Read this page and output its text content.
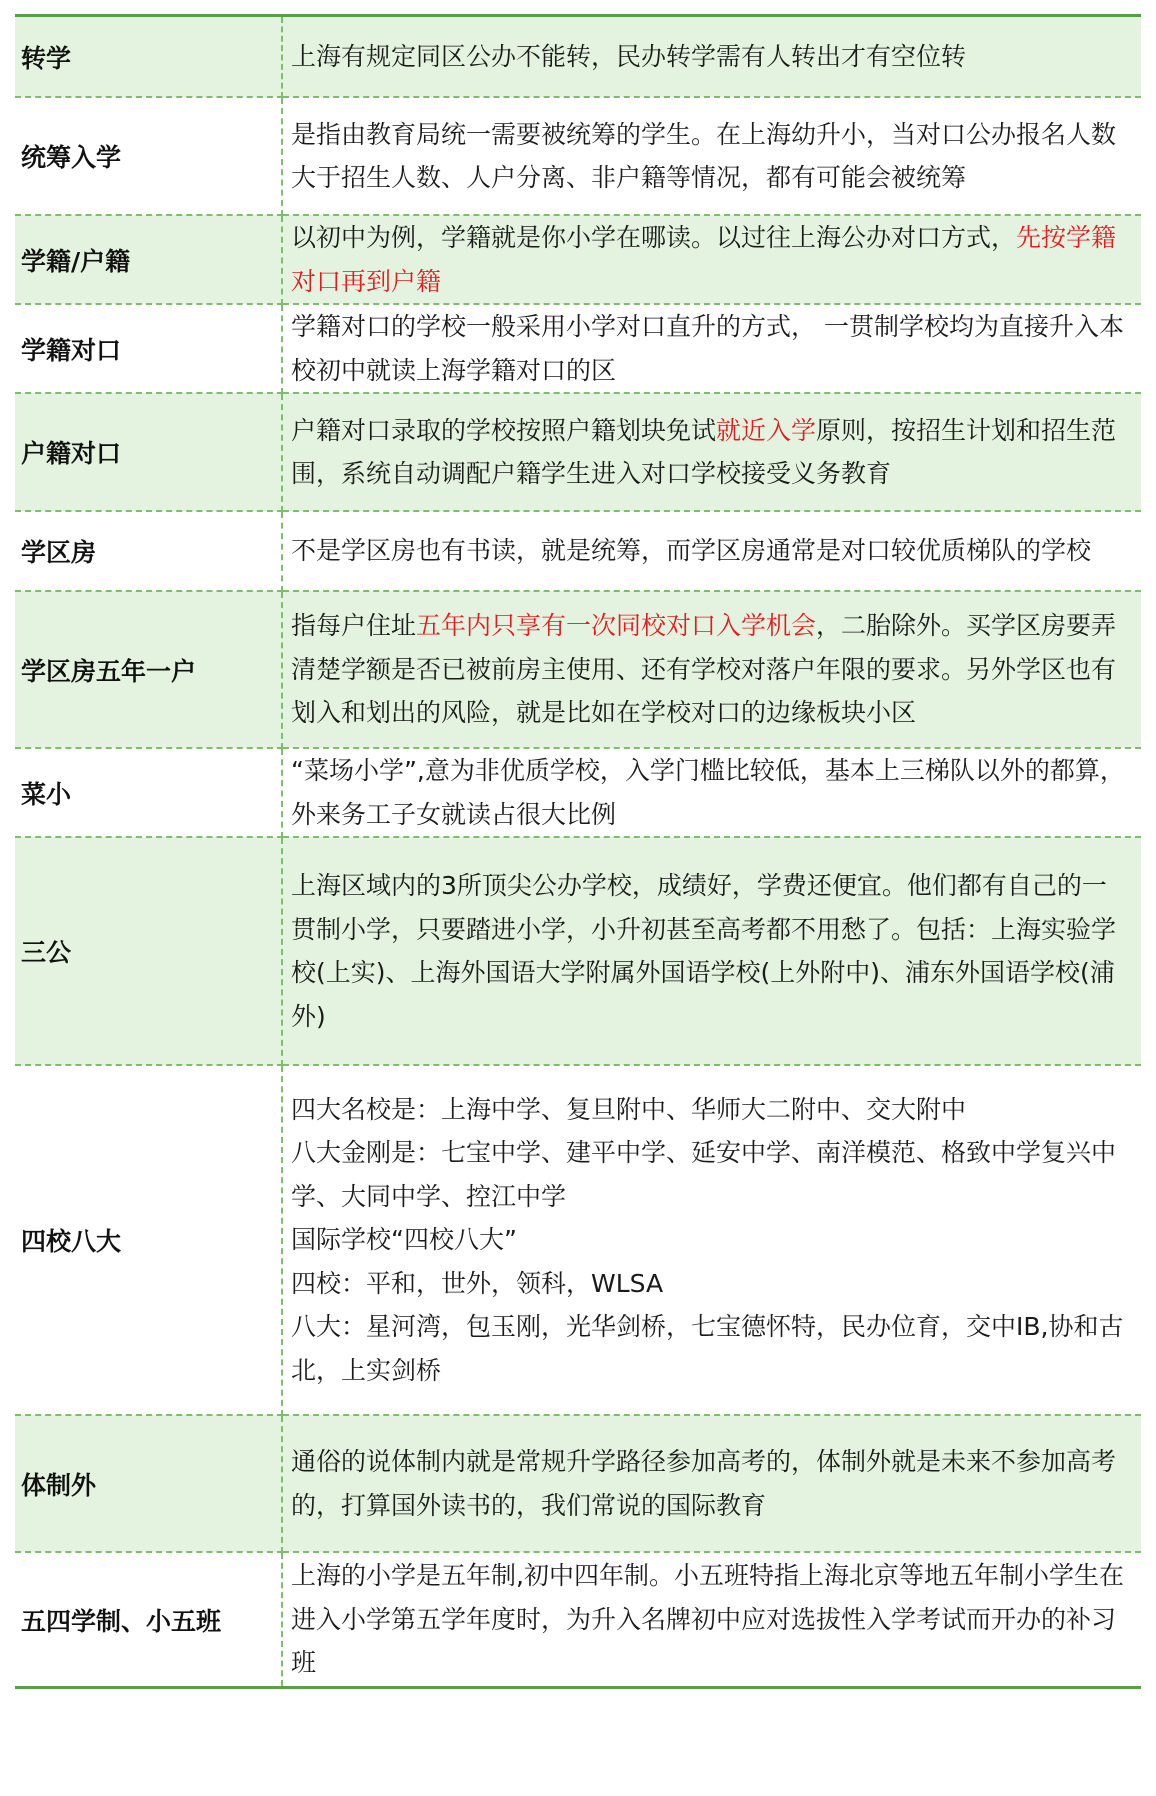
转学	上海有规定同区公办不能转，民办转学需有人转出才有空位转
统筹入学	是指由教育局统一需要被统筹的学生。在上海幼升小，当对口公办报名人数大于招生人数、人户分离、非户籍等情况，都有可能会被统筹
学籍/户籍	以初中为例，学籍就是你小学在哪读。以过往上海公办对口方式，先按学籍对口再到户籍
学籍对口	学籍对口的学校一般采用小学对口直升的方式， 一贯制学校均为直接升入本校初中就读上海学籍对口的区
户籍对口	户籍对口录取的学校按照户籍划块免试就近入学原则，按招生计划和招生范围，系统自动调配户籍学生进入对口学校接受义务教育
学区房	不是学区房也有书读，就是统筹，而学区房通常是对口较优质梯队的学校
学区房五年一户	指每户住址五年内只享有一次同校对口入学机会，二胎除外。买学区房要弄清楚学额是否已被前房主使用、还有学校对落户年限的要求。另外学区也有划入和划出的风险，就是比如在学校对口的边缘板块小区
菜小	“菜场小学”,意为非优质学校，入学门槛比较低，基本上三梯队以外的都算，外来务工子女就读占很大比例
三公	上海区域内的3所顶尖公办学校，成绩好，学费还便宜。他们都有自己的一贯制小学，只要踏进小学，小升初甚至高考都不用愁了。包括：上海实验学校(上实)、上海外国语大学附属外国语学校(上外附中)、浦东外国语学校(浦外)
四校八大	四大名校是：上海中学、复旦附中、华师大二附中、交大附中
八大金刚是：七宝中学、建平中学、延安中学、南洋模范、格致中学复兴中学、大同中学、控江中学
国际学校“四校八大”
四校：平和，世外，领科，WLSA
八大：星河湾，包玉刚，光华剑桥，七宝德怀特，民办位育，交中IB,协和古北，上实剑桥

体制外	通俗的说体制内就是常规升学路径参加高考的，体制外就是未来不参加高考的，打算国外读书的，我们常说的国际教育
五四学制、小五班	上海的小学是五年制,初中四年制。小五班特指上海北京等地五年制小学生在进入小学第五学年度时，为升入名牌初中应对选拔性入学考试而开办的补习班
